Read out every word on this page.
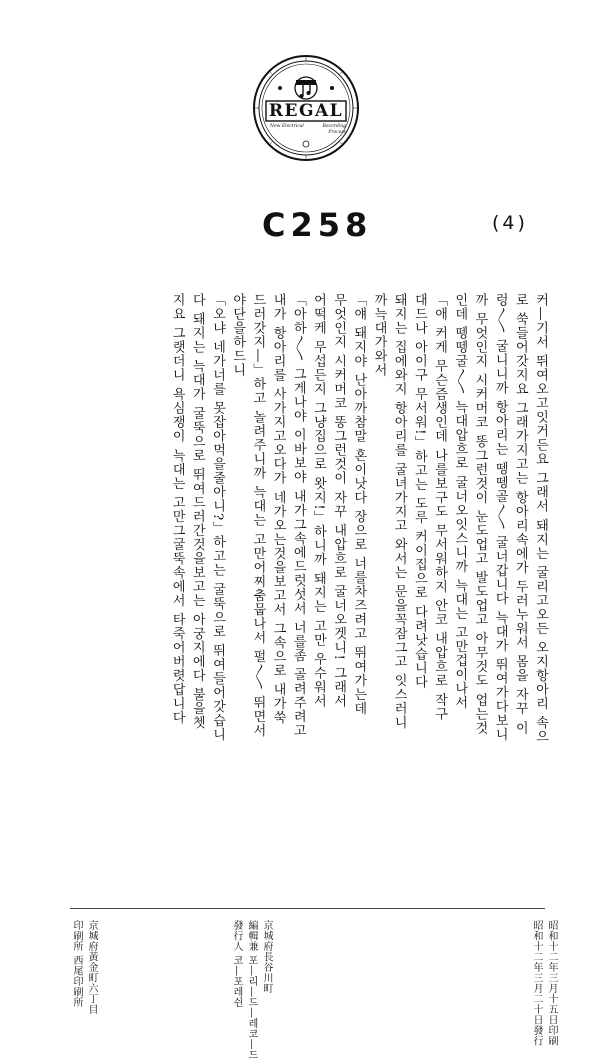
REGAL
New Electrical	Recording Process
C258	(4)
커―기서 뛰여오고잇거든요 그래서 돼지는 굴리고오든 오지항아리 속으
로 쑥들어갓지요 그래가지고는 항아리속에가 두러누워서 몸을 자꾸 이
렁〳〵 굴니니까 항아리는 뗑뗑골〳〵 굴너갑니다 늑대가 뛰여가다보니
까 무엇인지 시커머코 똥그런것이 눈도업고 발도업고 아무것도 업는것
인데 뗑뗑굴〳〵 늑대압흐로 굴너오잇스니까 늑대는 고만겁이나서
「애 커게 무슨즘생인데 나를보구도 무서워하지 안코 내압흐로 작구
대드나 아이구 무서워!」하고는 도루 커이집으로 다려낫습니다
돼지는 집에와지 항아리를 굴녀가지고 와서는 문을꼭잠그고 잇스러니
까늑대가와서
「얘 돼지야 난아까참말 혼이낫다 장으로 너를차즈려고 뛰여가는데
무엇인지 시커머코 똥그런것이 자꾸 내압흐로 굴너오겟니! 그래서
어떡케 무섭든지 그냥집으로 왓지!」하니까 돼지는 고만 우수워서
「아하〳〵 그게나야 이바보야 내가그속에드럿섯서 너를좀 골려주려고
내가 항아리를 사가지고오다가 네가오는것을보고서 그속으로 내가쑥
드러갓지―」하고 놀려주니까 늑대는 고만어찌춤뭅나서 펄〳〵 뛰면서
야단을하드니
「오냐 네가너를 못잡아먹을줄아니?」하고는 굴뚝으로 뛰여들어갓습니
다 돼지는 늑대가 굴뚝으로 뛰여드러간것을보고는 아궁지에다 불을쳇
지요 그랫더니 욕심쟁이 늑대는 고만그굴뚝속에서 타죽어버렷답니다
昭和十二年三月十五日印刷
昭和十二年三月二十日發行
京城府長谷川町
編輯兼 포―리―드―레코―드
發行人 코―포레쉰
京城府黃金町六丁目
印刷所 西尾印刷所
